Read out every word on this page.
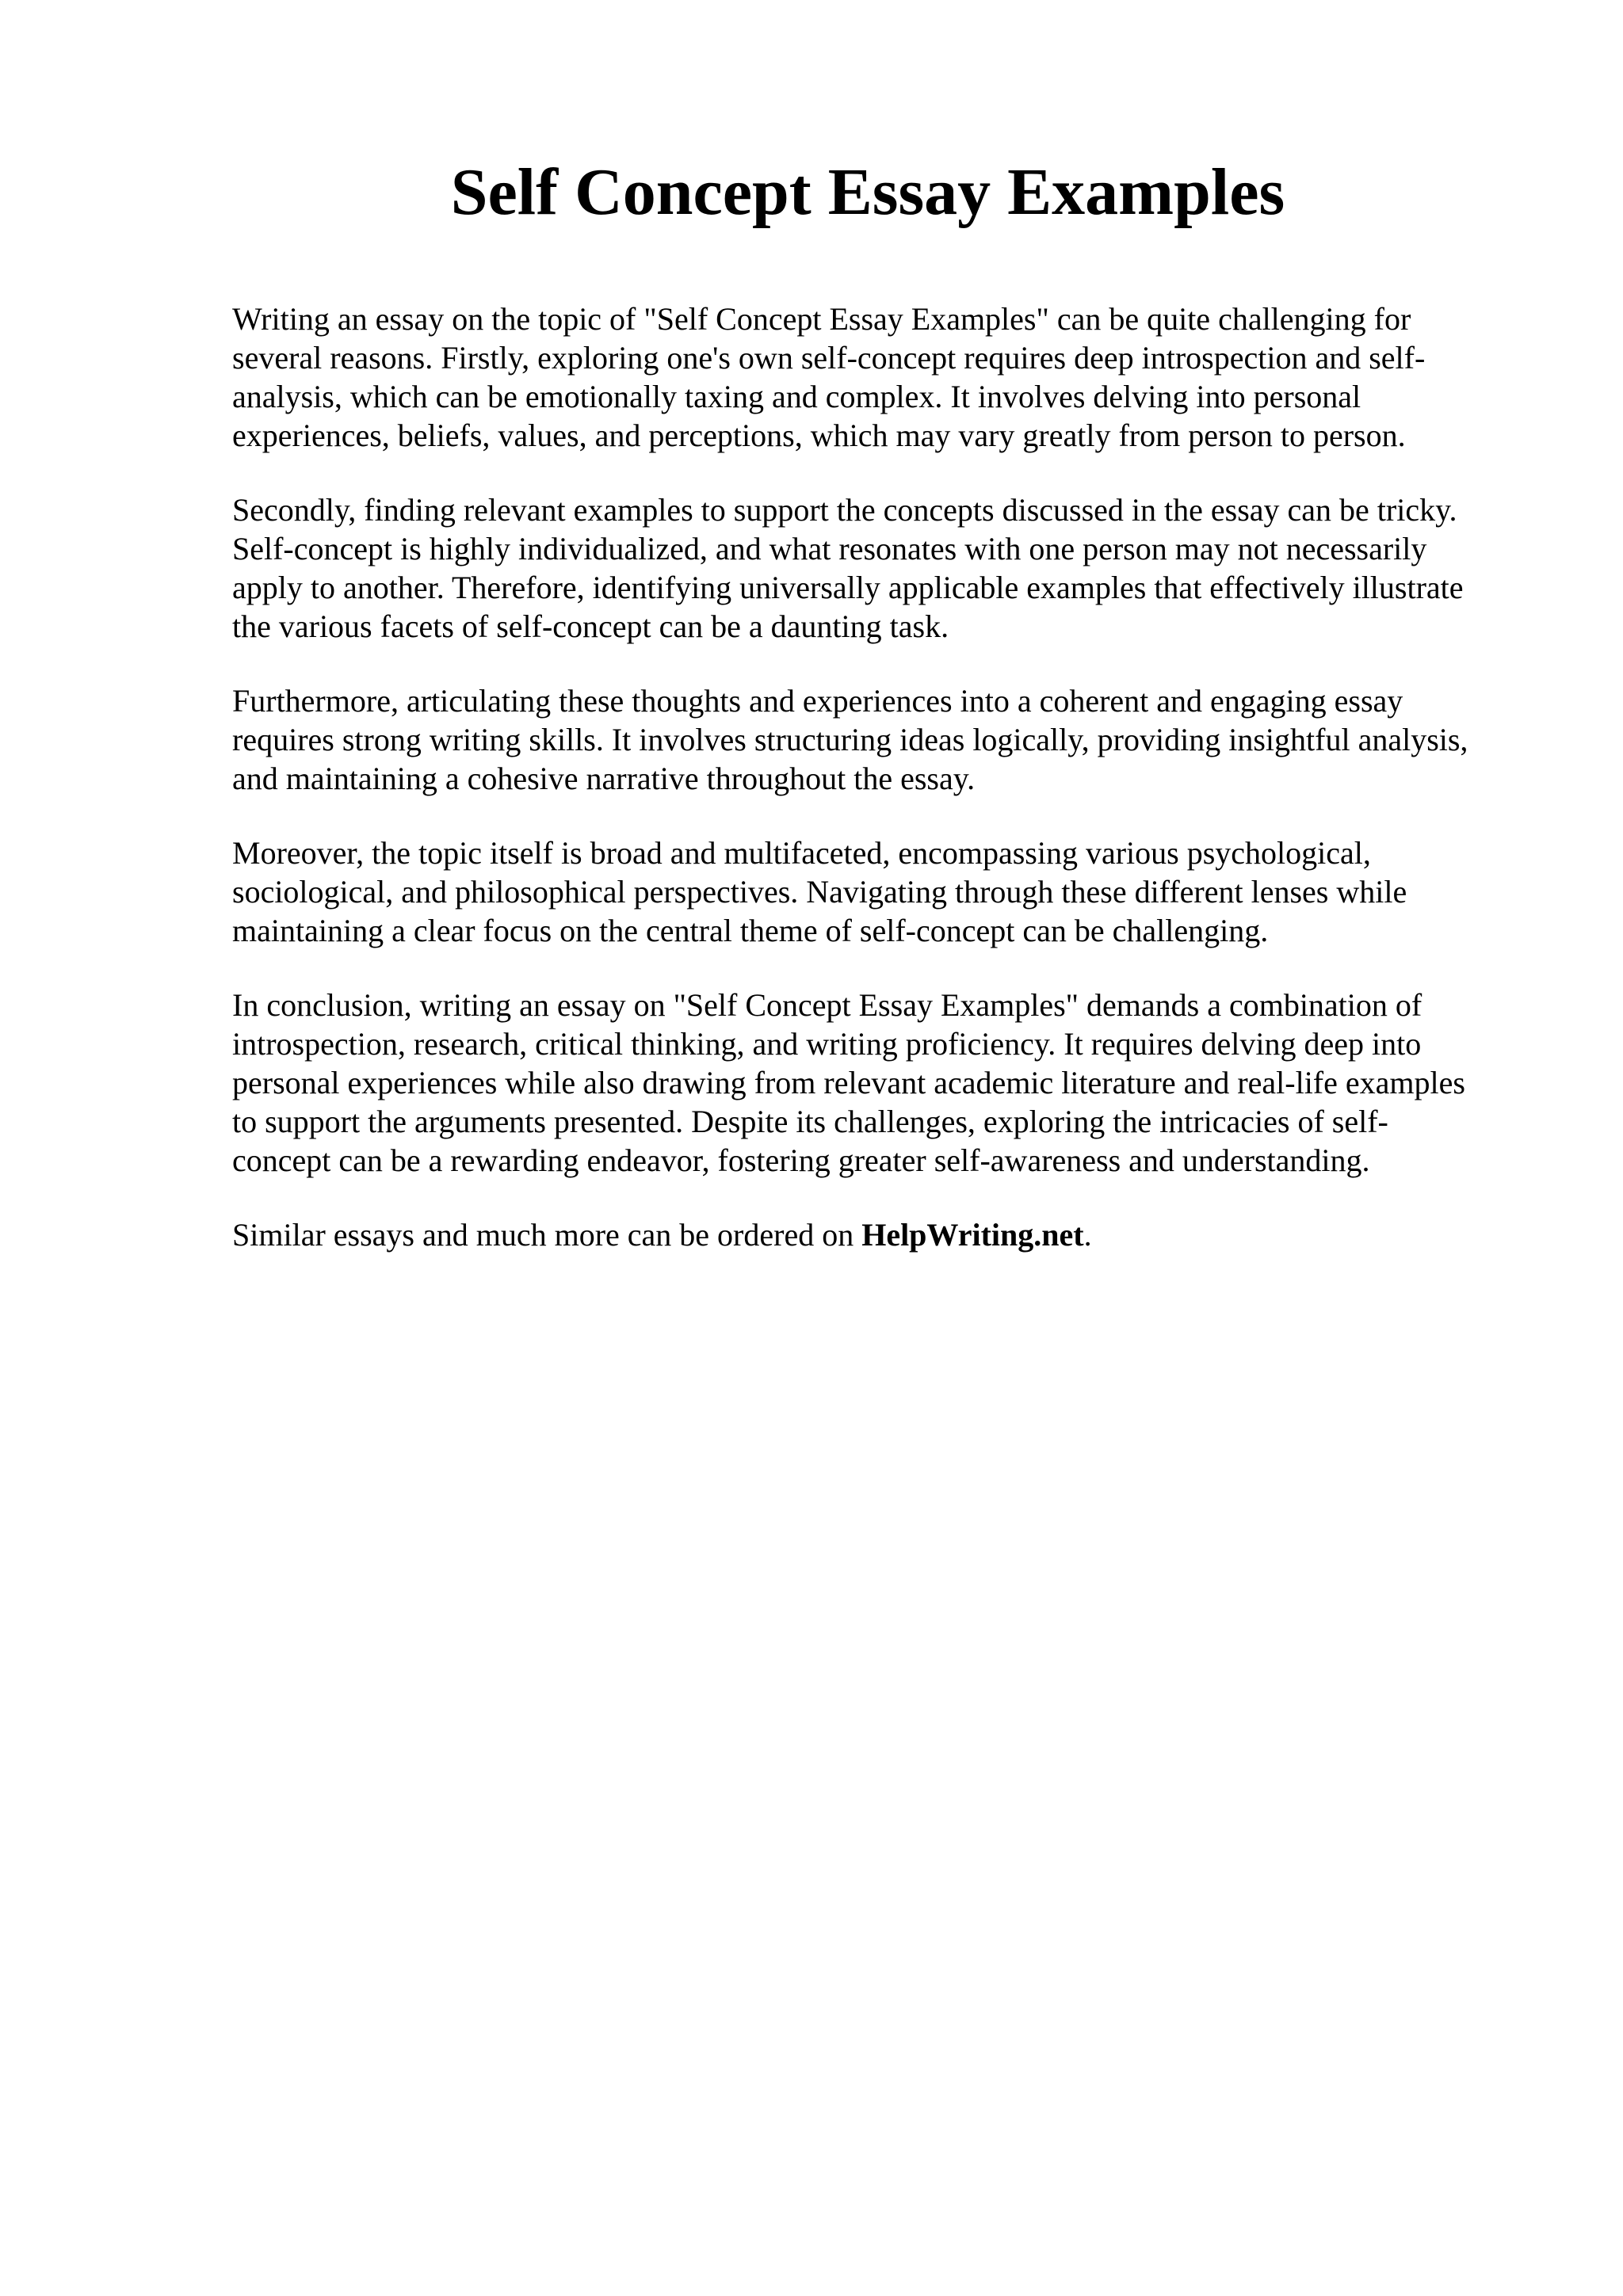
Self Concept Essay Examples

Writing an essay on the topic of "Self Concept Essay Examples" can be quite challenging for
several reasons. Firstly, exploring one's own self-concept requires deep introspection and self-
analysis, which can be emotionally taxing and complex. It involves delving into personal
experiences, beliefs, values, and perceptions, which may vary greatly from person to person.

Secondly, finding relevant examples to support the concepts discussed in the essay can be tricky.
Self-concept is highly individualized, and what resonates with one person may not necessarily
apply to another. Therefore, identifying universally applicable examples that effectively illustrate
the various facets of self-concept can be a daunting task.

Furthermore, articulating these thoughts and experiences into a coherent and engaging essay
requires strong writing skills. It involves structuring ideas logically, providing insightful analysis,
and maintaining a cohesive narrative throughout the essay.

Moreover, the topic itself is broad and multifaceted, encompassing various psychological,
sociological, and philosophical perspectives. Navigating through these different lenses while
maintaining a clear focus on the central theme of self-concept can be challenging.

In conclusion, writing an essay on "Self Concept Essay Examples" demands a combination of
introspection, research, critical thinking, and writing proficiency. It requires delving deep into
personal experiences while also drawing from relevant academic literature and real-life examples
to support the arguments presented. Despite its challenges, exploring the intricacies of self-
concept can be a rewarding endeavor, fostering greater self-awareness and understanding.

Similar essays and much more can be ordered on HelpWriting.net.
